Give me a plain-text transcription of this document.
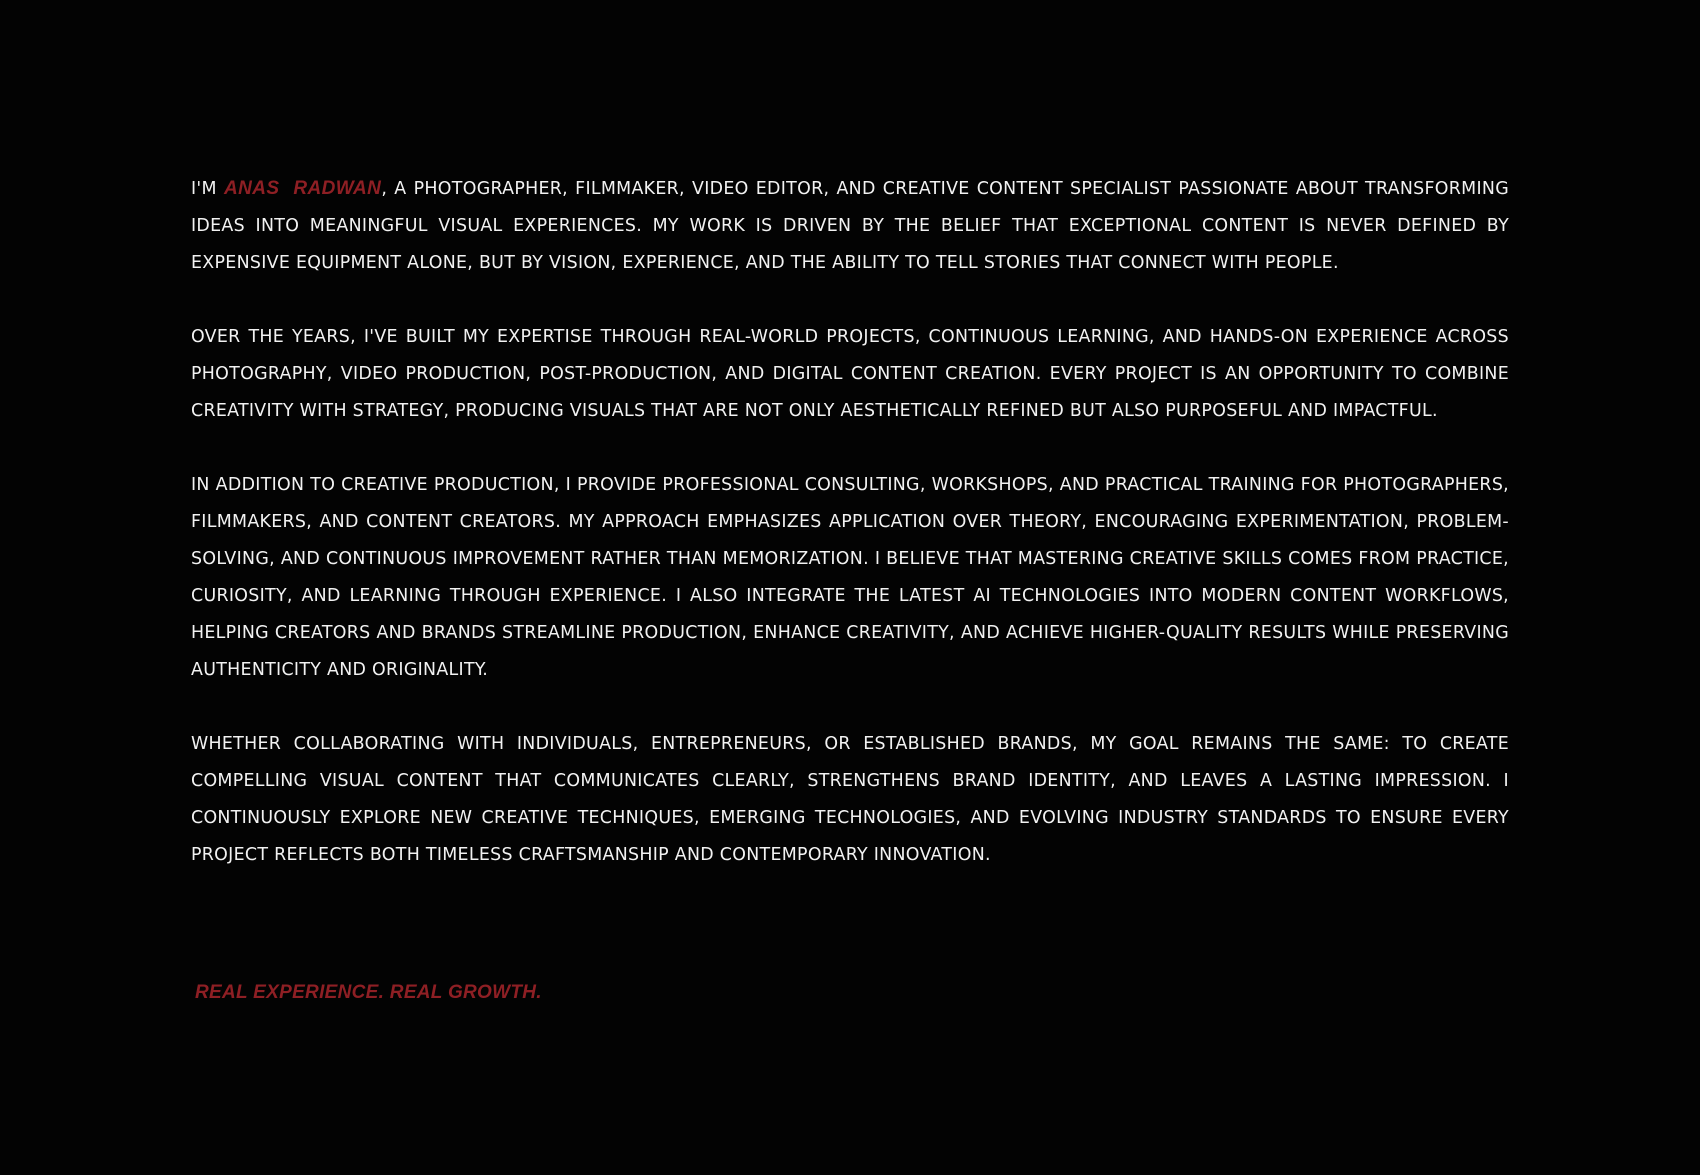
I'M ANAS RADWAN, A PHOTOGRAPHER, FILMMAKER, VIDEO EDITOR, AND CREATIVE CONTENT SPECIALIST PASSIONATE ABOUT TRANSFORMING IDEAS INTO MEANINGFUL VISUAL EXPERIENCES. MY WORK IS DRIVEN BY THE BELIEF THAT EXCEPTIONAL CONTENT IS NEVER DEFINED BY EXPENSIVE EQUIPMENT ALONE, BUT BY VISION, EXPERIENCE, AND THE ABILITY TO TELL STORIES THAT CONNECT WITH PEOPLE.

OVER THE YEARS, I'VE BUILT MY EXPERTISE THROUGH REAL-WORLD PROJECTS, CONTINUOUS LEARNING, AND HANDS-ON EXPERIENCE ACROSS PHOTOGRAPHY, VIDEO PRODUCTION, POST-PRODUCTION, AND DIGITAL CONTENT CREATION. EVERY PROJECT IS AN OPPORTUNITY TO COMBINE CREATIVITY WITH STRATEGY, PRODUCING VISUALS THAT ARE NOT ONLY AESTHETICALLY REFINED BUT ALSO PURPOSEFUL AND IMPACTFUL.

IN ADDITION TO CREATIVE PRODUCTION, I PROVIDE PROFESSIONAL CONSULTING, WORKSHOPS, AND PRACTICAL TRAINING FOR PHOTOGRAPHERS, FILMMAKERS, AND CONTENT CREATORS. MY APPROACH EMPHASIZES APPLICATION OVER THEORY, ENCOURAGING EXPERIMENTATION, PROBLEM-SOLVING, AND CONTINUOUS IMPROVEMENT RATHER THAN MEMORIZATION. I BELIEVE THAT MASTERING CREATIVE SKILLS COMES FROM PRACTICE, CURIOSITY, AND LEARNING THROUGH EXPERIENCE. I ALSO INTEGRATE THE LATEST AI TECHNOLOGIES INTO MODERN CONTENT WORKFLOWS, HELPING CREATORS AND BRANDS STREAMLINE PRODUCTION, ENHANCE CREATIVITY, AND ACHIEVE HIGHER-QUALITY RESULTS WHILE PRESERVING AUTHENTICITY AND ORIGINALITY.

WHETHER COLLABORATING WITH INDIVIDUALS, ENTREPRENEURS, OR ESTABLISHED BRANDS, MY GOAL REMAINS THE SAME: TO CREATE COMPELLING VISUAL CONTENT THAT COMMUNICATES CLEARLY, STRENGTHENS BRAND IDENTITY, AND LEAVES A LASTING IMPRESSION. I CONTINUOUSLY EXPLORE NEW CREATIVE TECHNIQUES, EMERGING TECHNOLOGIES, AND EVOLVING INDUSTRY STANDARDS TO ENSURE EVERY PROJECT REFLECTS BOTH TIMELESS CRAFTSMANSHIP AND CONTEMPORARY INNOVATION.

REAL EXPERIENCE. REAL GROWTH.
